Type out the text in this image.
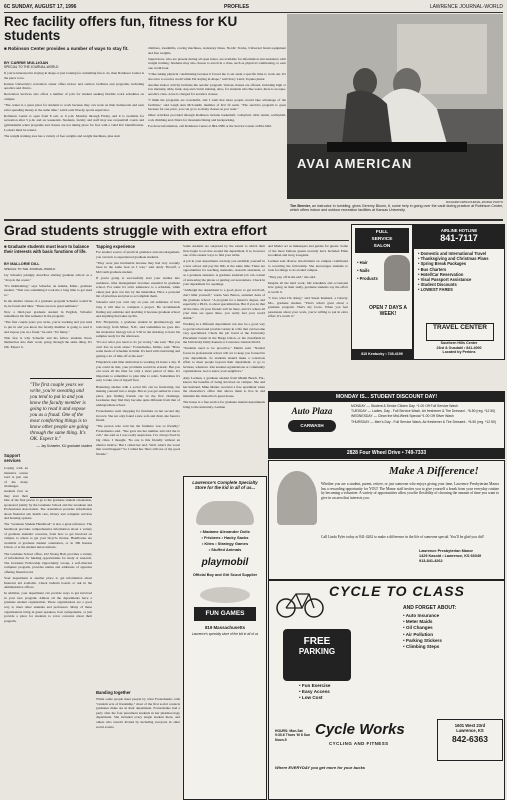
6C SUNDAY, AUGUST 17, 1996	PROFILES	LAWRENCE JOURNAL-WORLD
Rec facility offers fun, fitness for KU students
■ Robinson Center provides a number of ways to stay fit.
BY CARRIE MULLIGAN
SPECIAL TO THE JOURNAL-WORLD

If you're interested in staying in shape or just looking for something fun to do, then Robinson Center is the place to be.

Kansas University's recreation center offers indoor and outdoor facilities and programs, including aerobics and clinics.

Recreation Services also offers a number of jobs for student seeking flexible work schedules on campus.

"The center is a great place for students to work because they can work on their homework and earn extra spending money at the same time," said Louis Woody, sports supervisor.

Robinson Center is open from 8 a.m. to 6 p.m. Monday through Friday, and it is available for recreation after 5 p.m. and on weekends. Students, faculty and staff may use racquetball courts and gymnasiums when programs and classes are not taking place for free with a valid KU identification. Lockers must be rented.

The weight training area has a variety of free weights and weight machines, plus stair

climbers, treadmills, rowing machines, stationary bikes, Nordic Tracks, Universal brand equipment and free weights.

Supervisors, who are present during all open hours, are available for information and assistance with weight training. Students may also choose to enroll in a class, such as physical conditioning, to earn one credit hour.

"I like taking physical conditioning because it forced me to set aside a specific time to work out. It's also nice to receive credit while I'm staying in shape," said Stacy Laird, Topeka junior.

Another indoor activity includes the aerobic program. Various classes are offered, including high or low intensity, slide, funk, step and circuit training. Also, for students who like water, there is an aqua-aerobics class. A fee is charged for aerobics classes.

"I think the programs are wonderful, and I wish that more people would take advantage of the facilities," said Leigh Ann McCaskill, member of KU fit team. "The aerobics program is great because for one price, you can go to as many classes as you want."

Other activities provided through Robinson include basketball, volleyball, table tennis, walleyball, rock climbing and clinics for mountain biking and backpacking.

For more information, call Robinson Center at 864-3386 or the Service Center at 864-3491.

AVAI AMERICAN
RICHARD GWIN/JOURNAL-WORLD PHOTO
Tim Bernier, an instructor in tumbling, gives Geremy Bloom, 6, some help in going over the vault during practice at Robinson Center, which offers indoor and outdoor recreation facilities at Kansas University.
Grad students struggle with extra effort
■ Graduate students must learn to balance their interests with basic functions of life.
BY MALLORIE DILL
SPECIAL TO THE JOURNAL-WORLD

Jay Schaefer jokingly describes starting graduate school as a "drop in the ocean."

"It's intimidating," says Schaefer, an Adams, Minn., graduate student. "That was something it took me a long time to get used to."

In the smaller classes of a graduate program Schaefer would be in, he found and likes. "These are now great seminars."

Now a third-year graduate student in English, Schaefer remembers his first semester in the program.

"The first couple years you write, you're working and you tend to put in and you know the faculty member is going to read it and expose you as a fraud," he said. "It's funny."

That fear is why Schaefer and his fellow students throw themselves into their work, going through the same thing. It's OK. Expect it.

"The first couple years we write, you're sweating and you tend to put in and you know the faculty member is going to read it and expose you as a fraud. One of the most comforting things is to know other people are going through the same thing. It's OK. Expect it."
— Jay Schaefer, KU graduate student
Support services

Coping with an intensive course load is just one of the many challenges students face as they start their

One of the first places to go is the graduate student orientation, sponsored jointly by the Graduate School and the Graduate and Professional Association. The orientation provides information about financial aid, health care, library and computer services and housing options.

The "Graduate Student Handbook" is also a great reference. The handbook provides comprehensive information about a variety of graduate students' concerns, from how to get involved on campus to where to get your bicycle license. Handbooks are available at graduate student orientation, or in 300 Kansas Union, or at the student union stations.

The Graduate School office, 222 Strong Hall, provides a variety of information for funding opportunities for study or research. The Graduate Fellowship Opportunity Group, a self-directed computer program, provides names and addresses of agencies offering financial aid.

Your department is another place to get information about financial aid available. Check bulletin boards or ask in the administrative offices.

In addition, your department can provide ways to get involved in your new program. Almost all the departments have a graduate student organization. These organizations are a good way to meet other students and professors. Many of these organizations bring in guest speakers, host symposiums, or just provide a place for students to voice concerns about their program.

Tapping experience

For another source of practical guidance and encouragement, you can turn to experienced graduate students.

"They were just invaluable because they had very recently been in the same boat as I was," said Andy Thoroff, a McCouth graduate student.

If you're going to successfully start your studies into residence, time management becomes essential in graduate school. For some it's strict adherence to a schedule, while others just plan can live by the timetables. Have a personal list of priorities and plan to accomplish them.

Schaefer said you can't rely on your old estimates of how long it will take to complete a project. He recommends finding any estimate and doubling it because graduate school and anything that takes up life.

Eric Fitzpatrick, a graduate student in pharmacology and toxicology from Minot, N.D., said sometimes he goes into the molecular biology lab at 5:30 in the morning to have his samples ready for the afternoon.

"It's not what you need to do [at work]," she said. "But you can't live in work alone." Fornschenko, Dallas, said. "Have some mode of schedule in mind. It's hard with structuring and getting a lot of time off at the end."

Fitzpatrick said time dedication is working 24 hours a day. If you could do that, your problems would be ecstatic. But you can work all the time for only a short period of time. It's important to remember to plan time to relax. Sometimes it's easy to take care of myself first.

Balancing studies with a social life can be frustrating, but making yourself into a single. But as you get settled in a new place, just finding friends can be the first challenge. Graduates may find they become quite different from that of undergraduate school.

Fornschenko went shopping for furniture on her second day in town. She not only found a new sofa and chair, she found a friend.

"The person who sold me the furniture was so friendly," Fornschenko said. "She gave me her number and told me to call," she said as I was really suspicious. I've always lived in big cities. I thought, 'No one is this friendly without an ulterior motive.' But I called her and, 'Well, what's the worst that could happen?' So I called her. She's still one of my good friends."

Banding together

While some people meet people by what Fornschenko calls "random acts of friendship," most of the first social contacts graduates make are in their department. Fornschenko had a party after the four placement students in her pharmacology department. She included every single student there, and others who weren't invited by including everyone in other social events.

Some students are surprised by the extent to which their lives begin to revolve around the department. It is, however one of the easiest ways to find your niche.

A job in your department can help you establish yourself in a new school and pay the bills at the same time. There are opportunities for teaching assistants, research assistants, or as a graduate assistant. A graduate assistant job can consist of answering the phone or putting out newsletters. Check in your department for openings.

"Although the department is a good place to get involved, don't limit yourself," warns Sara Bairos, assistant dean of the graduate school. "A program for a master's degree, and especially a Ph.D., is about specialization. But if you do that all the time, all your friends will be there, and it's where all your time are spent there, you really feel your world shrink."

Working in a different department can also be a good way to get involved and provide variety in a life that can become very specialized. Check the job board at the University Placement Center in the Burge Union, or the classifieds in the University Daily Kansan or Lawrence Journal-World.

"Students need to be proactive," Martin said. "Natural forces in professional school will act to keep you focused in your department. So students should make a conscious effort to meet people beyond their department, to go to lectures, whatever. Join student organizations or community organizations. Get to know your neighbors."

Amy Lerman, a graduate student from Miami Beach, Fla., knows the benefits of being involved on campus. She and her husband, Mike Mader, received a free apartment when the chancellor's office that allows them to live in and maintain the chancellor's guest house.

The house is a free service for graduate student departments bring to the university. Lerman

and Mader act as innkeepers and guides for guests. Some of the most famous guests recently have included Ellen Goodman and Greg Louganis.

Lerman said diverse involvement on campus contributed to receiving the fellowship. She encourages students to look for things to do around campus.

"They pay off in the end," she said.

Despite all the hard work, full schedules and occasional how going on their study, graduate students say the effort is worth it.

"I love what I'm doing," said Susan Kushard, a Liberty, Mo., graduate student. "That's what's great about a graduate program. That's my focus. When you feel passionate about your work, you're willing to put in extra effort. It's worth it."

FULL
SERVICE
SALON
• Hair
• Nails
• Products
OPEN 7 DAYS A WEEK!
810 Kentucky • 749-4199
AIRLINE HOTLINE
841-7117
• Domestic and International Travel
• Thanksgiving and Christmas Plans
• Spring Break Packages
• Bus Charters
• Hotel/Car Reservation
• Visa/ Passport Assistance
• Student Discounts
• LOWEST FARES
TRAVEL CENTER
Southern Hills Center
23rd & Ousdahl • 841-4000
Located by Perkins
MONDAY IS... STUDENT DISCOUNT DAY!
Auto Plaza
CARWASH
MONDAY — Student & Senior Citizen Day. *1.00 Off Full Service Wash
TUESDAY — Ladies, Day - Full Service Wash, Air freshener & Tire Dressed - *6.50 (reg. *12.50)
WEDNESDAY — Clean the Mid-Week Special *1.00 Off Silver Wash
THURSDAY — Men's Day - Full Service Wash, Air freshener & Tire Dressed - *6.50 (reg. *12.50)
2828 Four Wheel Drive • 749-7333
Make A Difference!
Whether you are a student, parent, retiree, or just someone who enjoys giving your time, Lawrence Presbyterian Manor has a rewarding opportunity for YOU! The Manor staff invites you to give yourself a break from your everyday routine by becoming a volunteer. A variety of opportunities allow you the flexibility of choosing the amount of time you want to give in an area that interests you.
Call Linda Fyler today at 841-4262 to make a difference in the life of someone special. You'll be glad you did!
Lawrence Presbyterian Manor
1429 Kasold • Lawrence, KS 66049
913-841-4262
Lawrence's Complete Specialty Store for the kid in all of us...
• Madame Alexander Dolls
• Frisbees • Hacky Sacks
• Kites • Strategy Games
• Stuffed Animals
playmobil
Official Boy and Girl Scout Supplier
FUN GAMES
819 Massachusetts
Lawrence's specialty store of the kid in all of us
CYCLE TO CLASS
AND FORGET ABOUT:
• Auto Insurance
• Meter Maids
• Oil Changes
• Air Pollution
• Parking Stickers
• Climbing Steps
FREE
PARKING
• Fun Exercise
• Easy Access
• Low Cost
HOURS: Mon-Sat 9:30-6 Thurs 'til 8 Sun Noon-5
Cycle Works
CYCLING AND FITNESS
1601 West 23rd
Lawrence, KS
842-6363
Where EVERYDAY you get more for your bucks
